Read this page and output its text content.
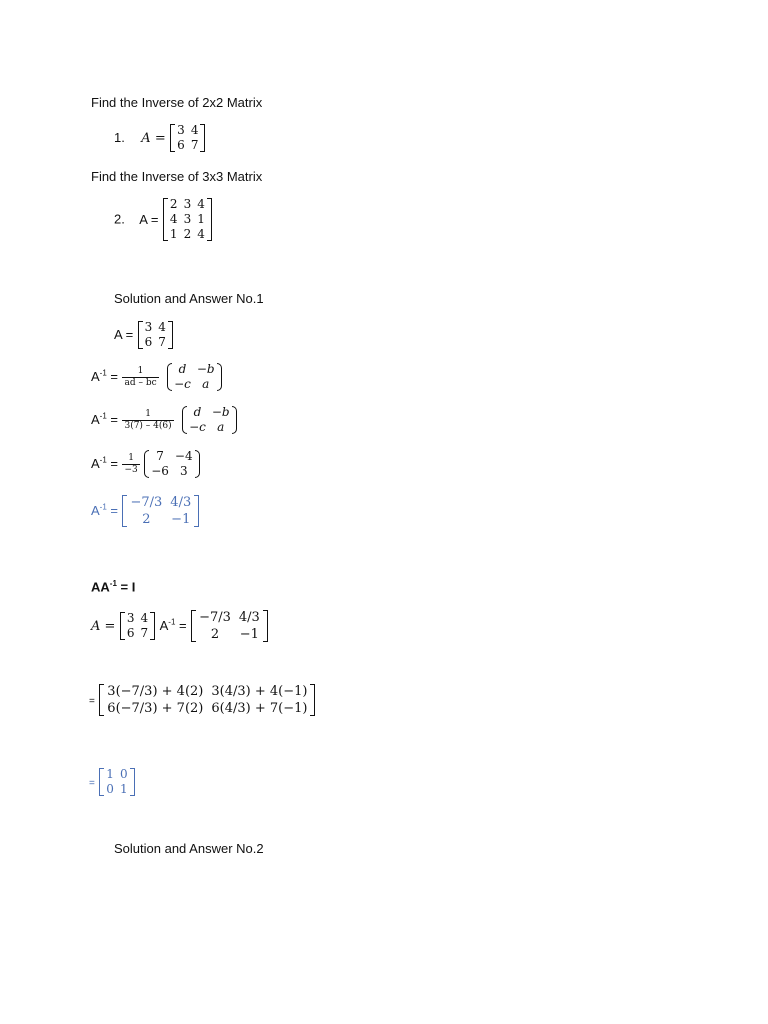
Find the Inverse of 2x2 Matrix
1. A =
3	4
6	7
Find the Inverse of 3x3 Matrix
2. A =
2	3	4
4	3	1
1	2	4
Solution and Answer No.1
A =
3	4
6	7
$A^{-1} = \frac{1}{ad - bc}$
d	−b
−c	a
$A^{-1} = \frac{1}{3(7) - 4(6)}$
d	−b
−c	a
$A^{-1} = \frac{1}{-3}$
7	−4
−6	3
$A^{-1}$ =
−7/3	4/3
2	−1
$AA^{-1} = I$
A =
3	4
6	7 $A^{-1}$ =
−7/3	4/3
2	−1
=
3(−7/3) + 4(2)	3(4/3) + 4(−1)
6(−7/3) + 7(2)	6(4/3) + 7(−1)
=
1	0
0	1
Solution and Answer No.2
